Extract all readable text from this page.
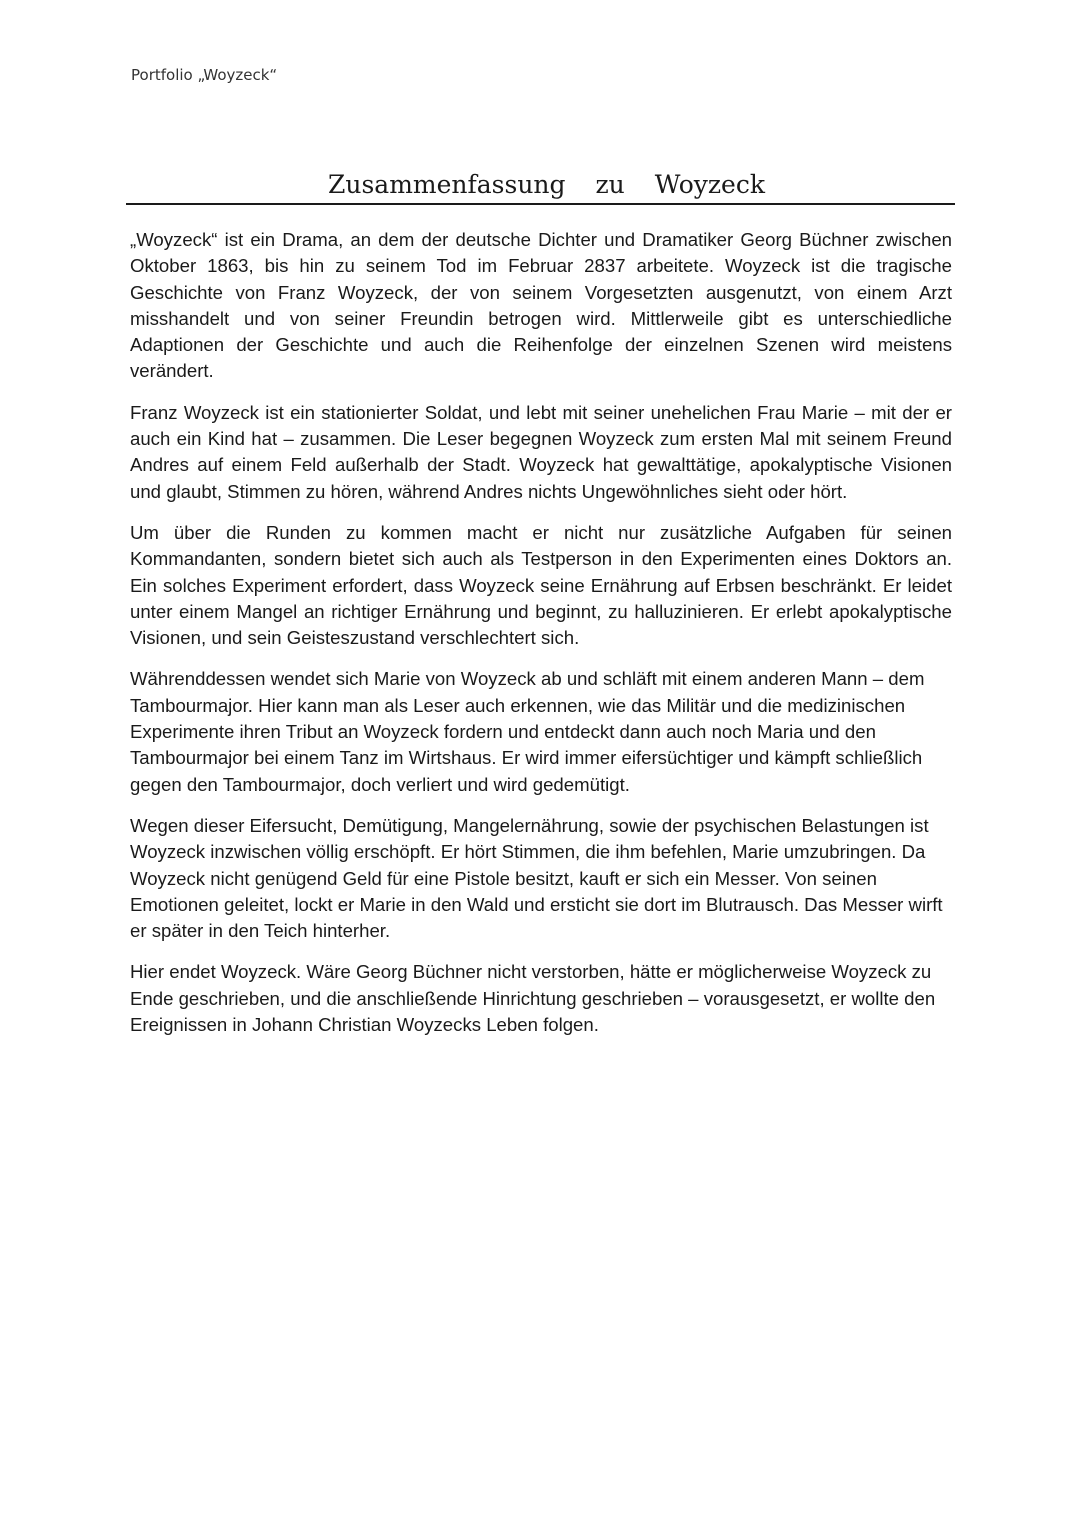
Portfolio „Woyzeck“
Zusammenfassung zu Woyzeck

„Woyzeck“ ist ein Drama, an dem der deutsche Dichter und Dramatiker Georg Büchner zwischen Oktober 1863, bis hin zu seinem Tod im Februar 2837 arbeitete. Woyzeck ist die tragische Geschichte von Franz Woyzeck, der von seinem Vorgesetzten ausgenutzt, von einem Arzt misshandelt und von seiner Freundin betrogen wird. Mittlerweile gibt es unterschiedliche Adaptionen der Geschichte und auch die Reihenfolge der einzelnen Szenen wird meistens verändert.

Franz Woyzeck ist ein stationierter Soldat, und lebt mit seiner unehelichen Frau Marie – mit der er auch ein Kind hat – zusammen. Die Leser begegnen Woyzeck zum ersten Mal mit seinem Freund Andres auf einem Feld außerhalb der Stadt. Woyzeck hat gewalttätige, apokalyptische Visionen und glaubt, Stimmen zu hören, während Andres nichts Ungewöhnliches sieht oder hört.

Um über die Runden zu kommen macht er nicht nur zusätzliche Aufgaben für seinen Kommandanten, sondern bietet sich auch als Testperson in den Experimenten eines Doktors an. Ein solches Experiment erfordert, dass Woyzeck seine Ernährung auf Erbsen beschränkt. Er leidet unter einem Mangel an richtiger Ernährung und beginnt, zu halluzinieren. Er erlebt apokalyptische Visionen, und sein Geisteszustand verschlechtert sich.

Währenddessen wendet sich Marie von Woyzeck ab und schläft mit einem anderen Mann – dem Tambourmajor. Hier kann man als Leser auch erkennen, wie das Militär und die medizinischen Experimente ihren Tribut an Woyzeck fordern und entdeckt dann auch noch Maria und den Tambourmajor bei einem Tanz im Wirtshaus. Er wird immer eifersüchtiger und kämpft schließlich gegen den Tambourmajor, doch verliert und wird gedemütigt.

Wegen dieser Eifersucht, Demütigung, Mangelernährung, sowie der psychischen Belastungen ist Woyzeck inzwischen völlig erschöpft. Er hört Stimmen, die ihm befehlen, Marie umzubringen. Da Woyzeck nicht genügend Geld für eine Pistole besitzt, kauft er sich ein Messer. Von seinen Emotionen geleitet, lockt er Marie in den Wald und ersticht sie dort im Blutrausch. Das Messer wirft er später in den Teich hinterher.

Hier endet Woyzeck. Wäre Georg Büchner nicht verstorben, hätte er möglicherweise Woyzeck zu Ende geschrieben, und die anschließende Hinrichtung geschrieben – vorausgesetzt, er wollte den Ereignissen in Johann Christian Woyzecks Leben folgen.
